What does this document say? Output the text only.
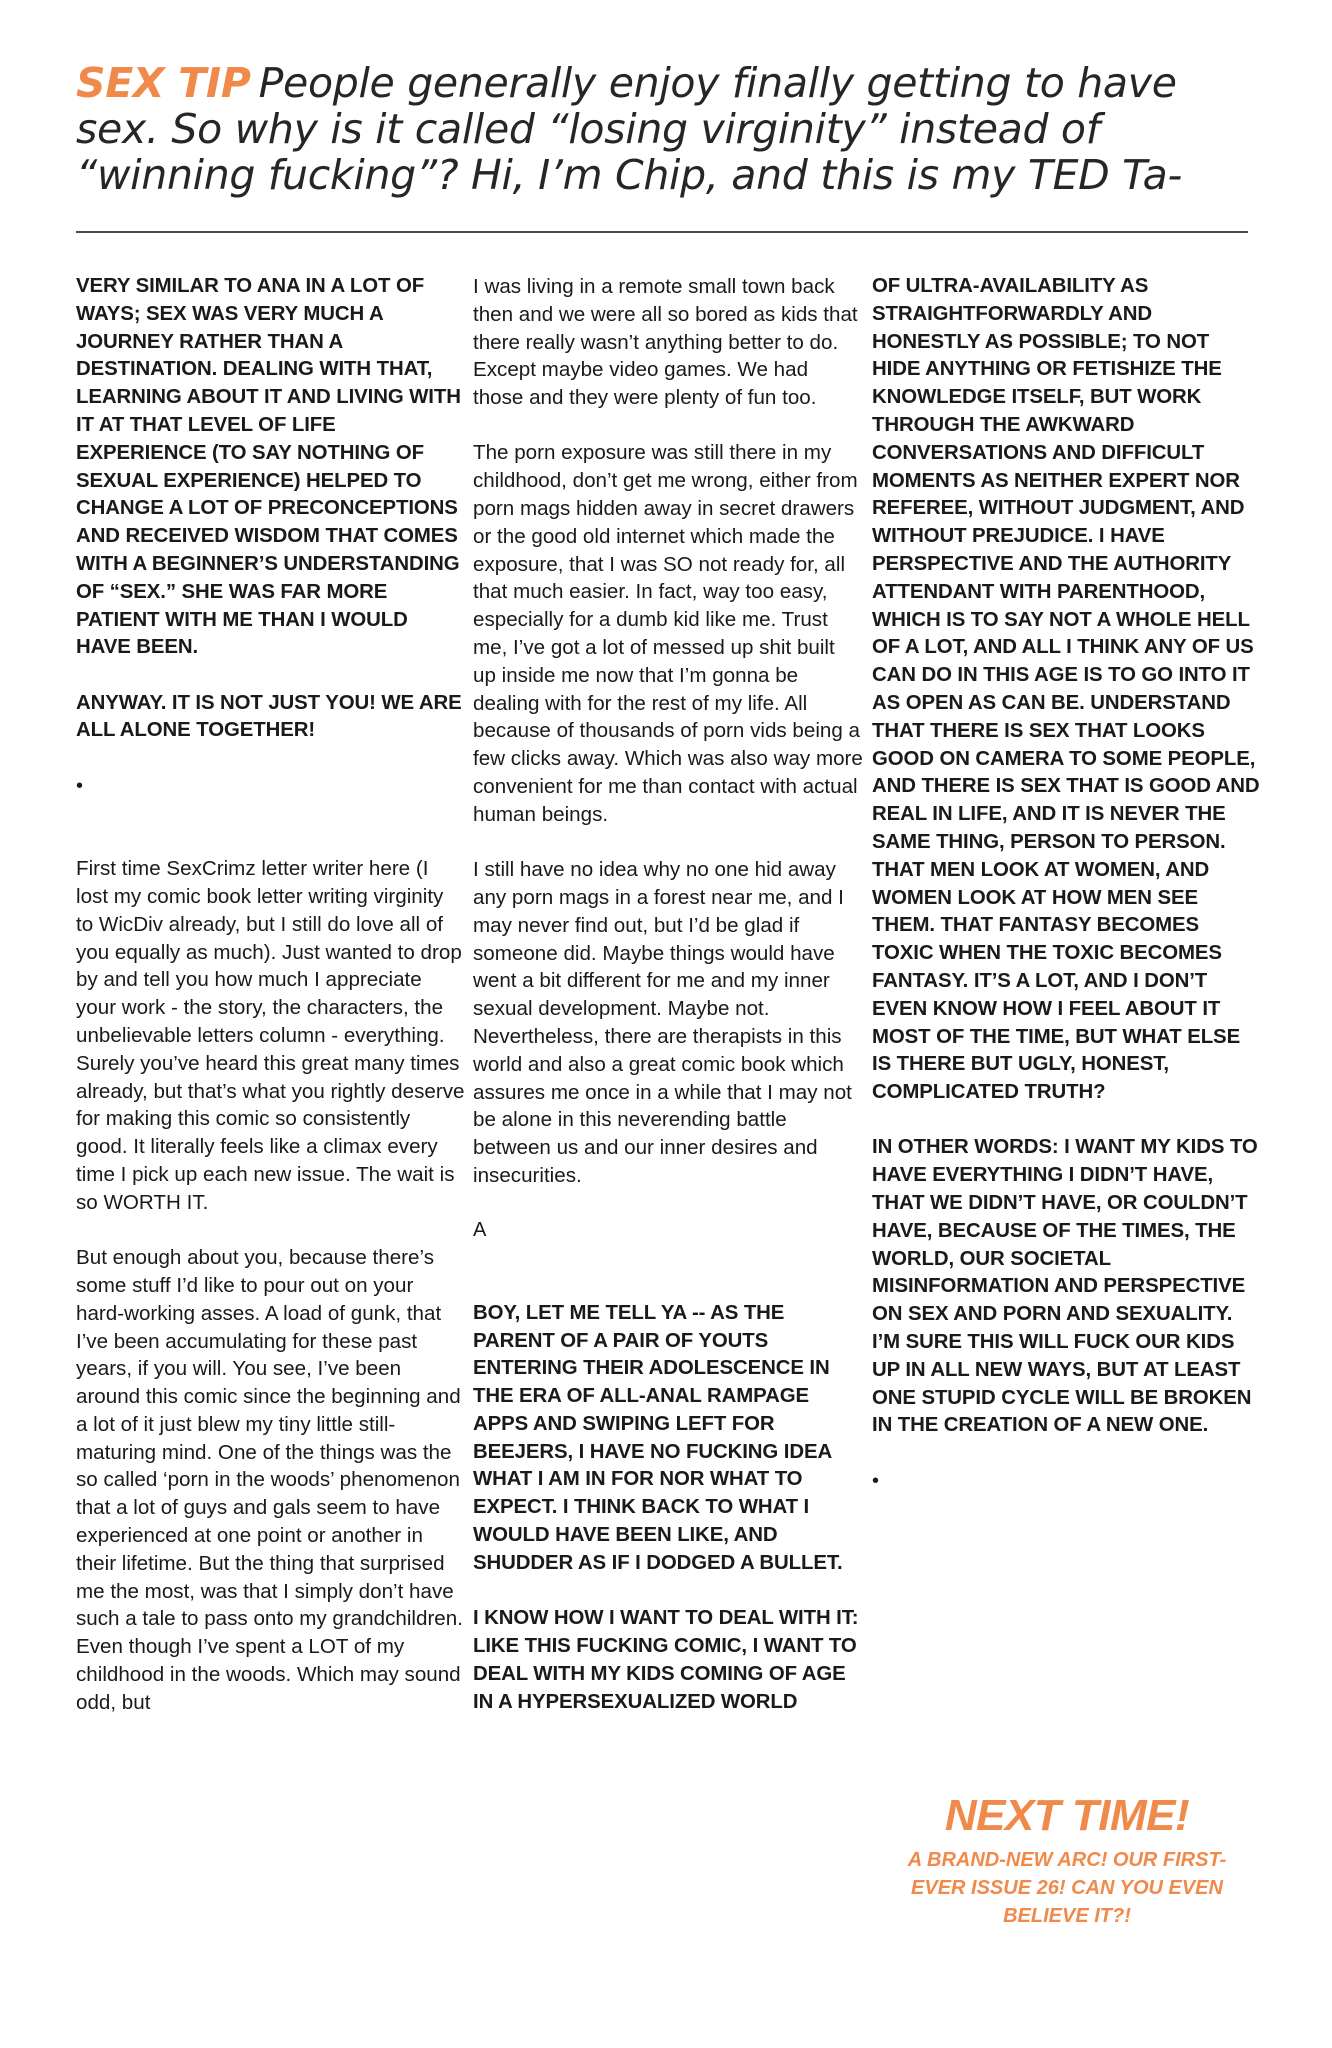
SEX TIP People generally enjoy finally getting to have sex. So why is it called “losing virginity” instead of “winning fucking”? Hi, I’m Chip, and this is my TED Ta-

VERY SIMILAR TO ANA IN A LOT OF WAYS; SEX WAS VERY MUCH A JOURNEY RATHER THAN A DESTINATION. DEALING WITH THAT, LEARNING ABOUT IT AND LIVING WITH IT AT THAT LEVEL OF LIFE EXPERIENCE (TO SAY NOTHING OF SEXUAL EXPERIENCE) HELPED TO CHANGE A LOT OF PRECONCEPTIONS AND RECEIVED WISDOM THAT COMES WITH A BEGINNER’S UNDERSTANDING OF “SEX.” SHE WAS FAR MORE PATIENT WITH ME THAN I WOULD HAVE BEEN.

ANYWAY. IT IS NOT JUST YOU! WE ARE ALL ALONE TOGETHER!

•

First time SexCrimz letter writer here (I lost my comic book letter writing virginity to WicDiv already, but I still do love all of you equally as much). Just wanted to drop by and tell you how much I appreciate your work - the story, the characters, the unbelievable letters column - everything. Surely you’ve heard this great many times already, but that’s what you rightly deserve for making this comic so consistently good. It literally feels like a climax every time I pick up each new issue. The wait is so WORTH IT.

But enough about you, because there’s some stuff I’d like to pour out on your hard-working asses. A load of gunk, that I’ve been accumulating for these past years, if you will. You see, I’ve been around this comic since the beginning and a lot of it just blew my tiny little still-maturing mind. One of the things was the so called ‘porn in the woods’ phenomenon that a lot of guys and gals seem to have experienced at one point or another in their lifetime. But the thing that surprised me the most, was that I simply don’t have such a tale to pass onto my grandchildren. Even though I’ve spent a LOT of my childhood in the woods. Which may sound odd, but

I was living in a remote small town back then and we were all so bored as kids that there really wasn’t anything better to do. Except maybe video games. We had those and they were plenty of fun too.

The porn exposure was still there in my childhood, don’t get me wrong, either from porn mags hidden away in secret drawers or the good old internet which made the exposure, that I was SO not ready for, all that much easier. In fact, way too easy, especially for a dumb kid like me. Trust me, I’ve got a lot of messed up shit built up inside me now that I’m gonna be dealing with for the rest of my life. All because of thousands of porn vids being a few clicks away. Which was also way more convenient for me than contact with actual human beings.

I still have no idea why no one hid away any porn mags in a forest near me, and I may never find out, but I’d be glad if someone did. Maybe things would have went a bit different for me and my inner sexual development. Maybe not. Nevertheless, there are therapists in this world and also a great comic book which assures me once in a while that I may not be alone in this neverending battle between us and our inner desires and insecurities.

A

BOY, LET ME TELL YA -- AS THE PARENT OF A PAIR OF YOUTS ENTERING THEIR ADOLESCENCE IN THE ERA OF ALL-ANAL RAMPAGE APPS AND SWIPING LEFT FOR BEEJERS, I HAVE NO FUCKING IDEA WHAT I AM IN FOR NOR WHAT TO EXPECT. I THINK BACK TO WHAT I WOULD HAVE BEEN LIKE, AND SHUDDER AS IF I DODGED A BULLET.

I KNOW HOW I WANT TO DEAL WITH IT: LIKE THIS FUCKING COMIC, I WANT TO DEAL WITH MY KIDS COMING OF AGE IN A HYPERSEXUALIZED WORLD

OF ULTRA-AVAILABILITY AS STRAIGHTFORWARDLY AND HONESTLY AS POSSIBLE; TO NOT HIDE ANYTHING OR FETISHIZE THE KNOWLEDGE ITSELF, BUT WORK THROUGH THE AWKWARD CONVERSATIONS AND DIFFICULT MOMENTS AS NEITHER EXPERT NOR REFEREE, WITHOUT JUDGMENT, AND WITHOUT PREJUDICE. I HAVE PERSPECTIVE AND THE AUTHORITY ATTENDANT WITH PARENTHOOD, WHICH IS TO SAY NOT A WHOLE HELL OF A LOT, AND ALL I THINK ANY OF US CAN DO IN THIS AGE IS TO GO INTO IT AS OPEN AS CAN BE. UNDERSTAND THAT THERE IS SEX THAT LOOKS GOOD ON CAMERA TO SOME PEOPLE, AND THERE IS SEX THAT IS GOOD AND REAL IN LIFE, AND IT IS NEVER THE SAME THING, PERSON TO PERSON. THAT MEN LOOK AT WOMEN, AND WOMEN LOOK AT HOW MEN SEE THEM. THAT FANTASY BECOMES TOXIC WHEN THE TOXIC BECOMES FANTASY. IT’S A LOT, AND I DON’T EVEN KNOW HOW I FEEL ABOUT IT MOST OF THE TIME, BUT WHAT ELSE IS THERE BUT UGLY, HONEST, COMPLICATED TRUTH?

IN OTHER WORDS: I WANT MY KIDS TO HAVE EVERYTHING I DIDN’T HAVE, THAT WE DIDN’T HAVE, OR COULDN’T HAVE, BECAUSE OF THE TIMES, THE WORLD, OUR SOCIETAL MISINFORMATION AND PERSPECTIVE ON SEX AND PORN AND SEXUALITY. I’M SURE THIS WILL FUCK OUR KIDS UP IN ALL NEW WAYS, BUT AT LEAST ONE STUPID CYCLE WILL BE BROKEN IN THE CREATION OF A NEW ONE.

•

NEXT TIME!

A BRAND-NEW ARC! OUR FIRST-EVER ISSUE 26! CAN YOU EVEN BELIEVE IT?!
